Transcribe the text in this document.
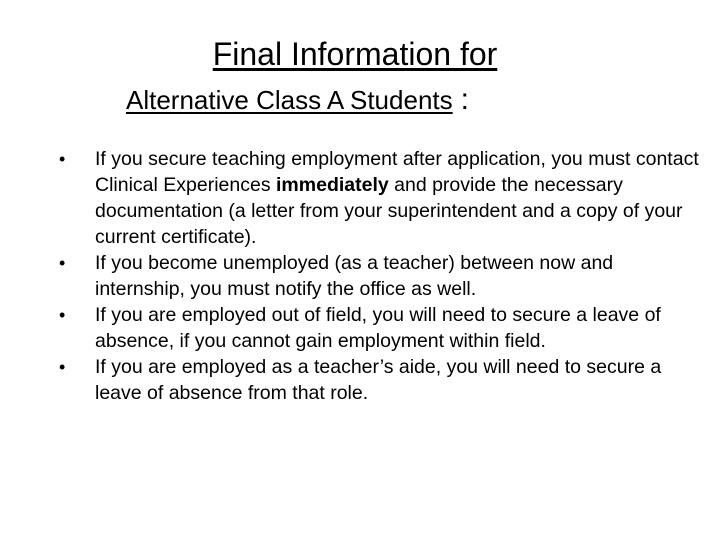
Final Information for
Alternative Class A Students :
• If you secure teaching employment after application, you must contact Clinical Experiences immediately and provide the necessary documentation (a letter from your superintendent and a copy of your current certificate).
• If you become unemployed (as a teacher) between now and internship, you must notify the office as well.
• If you are employed out of field, you will need to secure a leave of absence, if you cannot gain employment within field.
• If you are employed as a teacher’s aide, you will need to secure a leave of absence from that role.
